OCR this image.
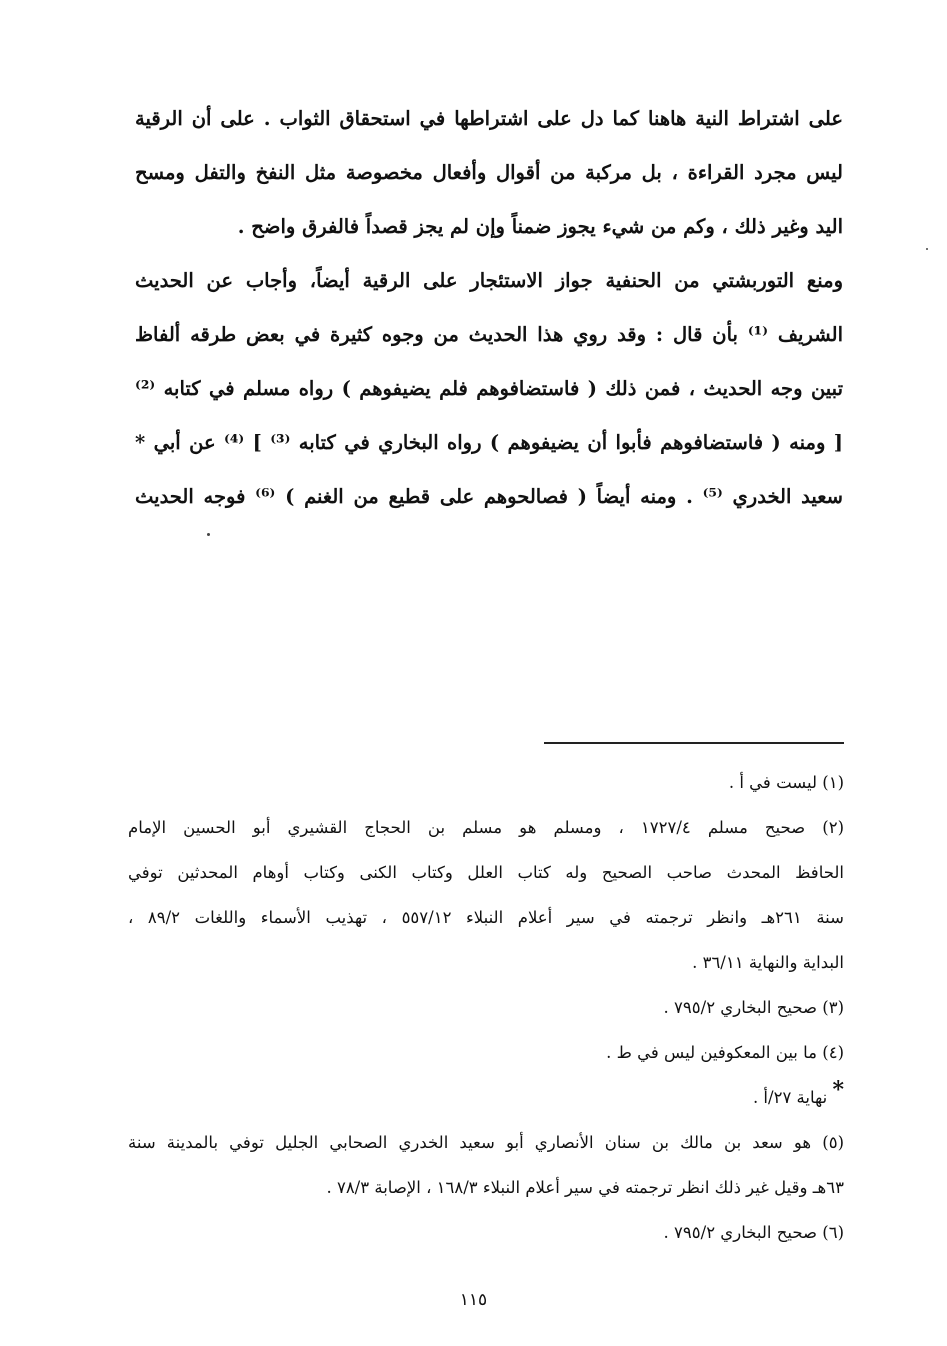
على اشتراط النية هاهنا كما دل على اشتراطها في استحقاق الثواب . على أن الرقية
ليس مجرد القراءة ، بل مركبة من أقوال وأفعال مخصوصة مثل النفخ والتفل ومسح
اليد وغير ذلك ، وكم من شيء يجوز ضمناً وإن لم يجز قصداً فالفرق واضح .
ومنع التوربشتي من الحنفية جواز الاستئجار على الرقية أيضاً، وأجاب عن الحديث
الشريف ⁽¹⁾ بأن قال : وقد روي هذا الحديث من وجوه كثيرة في بعض طرقه ألفاظ
تبين وجه الحديث ، فمن ذلك ( فاستضافوهم فلم يضيفوهم ) رواه مسلم في كتابه ⁽²⁾
[ ومنه ( فاستضافوهم فأبوا أن يضيفوهم ) رواه البخاري في كتابه ⁽³⁾ ] ⁽⁴⁾ عن أبي *
سعيد الخدري ⁽⁵⁾ . ومنه أيضاً ( فصالحوهم على قطيع من الغنم ) ⁽⁶⁾ فوجه الحديث
(١) ليست في أ .
(٢) صحيح مسلم ١٧٢٧/٤ ، ومسلم هو مسلم بن الحجاج القشيري أبو الحسين الإمام
الحافظ المحدث صاحب الصحيح وله كتاب العلل وكتاب الكنى وكتاب أوهام المحدثين توفي
سنة ٢٦١هـ وانظر ترجمته في سير أعلام النبلاء ٥٥٧/١٢ ، تهذيب الأسماء واللغات ٨٩/٢ ،
البداية والنهاية ٣٦/١١ .
(٣) صحيح البخاري ٧٩٥/٢ .
(٤) ما بين المعكوفين ليس في ط .
* نهاية ٢٧/أ .
(٥) هو سعد بن مالك بن سنان الأنصاري أبو سعيد الخدري الصحابي الجليل توفي بالمدينة سنة
٦٣هـ وقيل غير ذلك انظر ترجمته في سير أعلام النبلاء ١٦٨/٣ ، الإصابة ٧٨/٣ .
(٦) صحيح البخاري ٧٩٥/٢ .
١١٥
